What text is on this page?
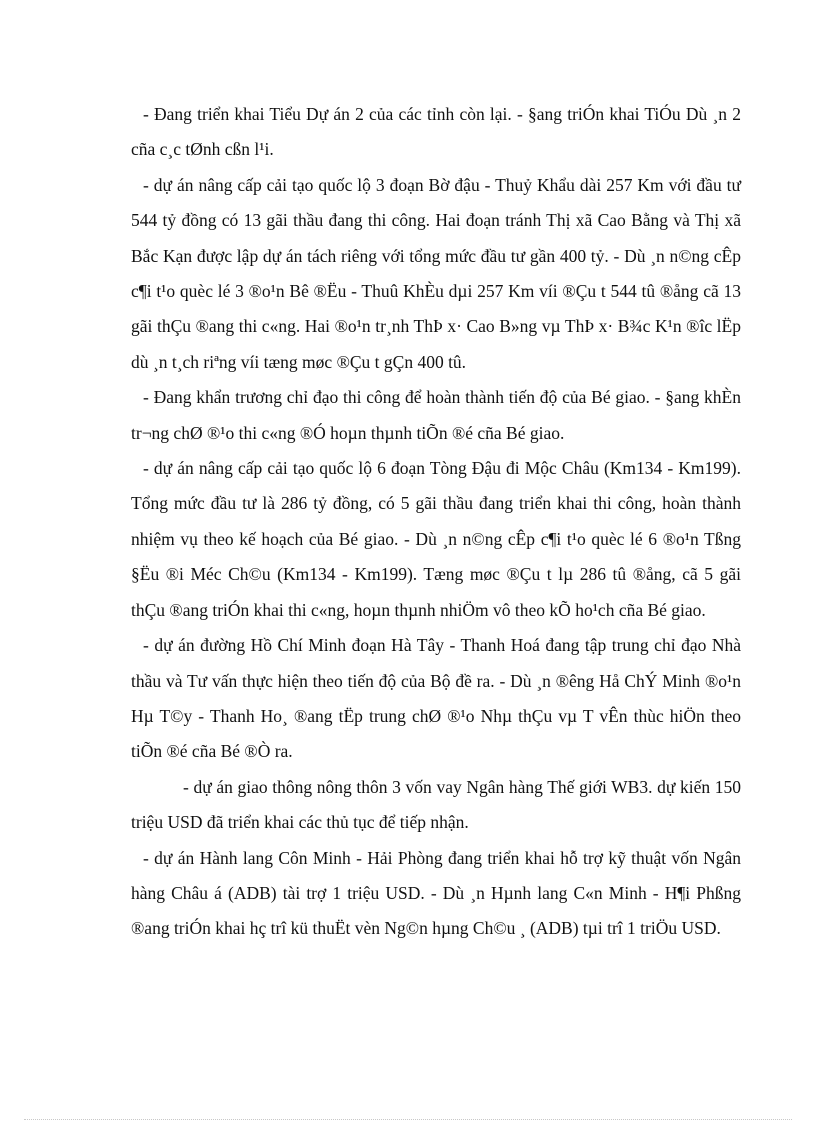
- Đang triển khai Tiểu Dự án 2 của các tỉnh còn lại. - §ang triÓn khai TiÓu Dù ¸n 2 cña c¸c tØnh cßn l¹i.

- dự án nâng cấp cải tạo quốc lộ 3 đoạn Bờ đậu - Thuỷ Khẩu dài 257 Km với đầu tư 544 tỷ đồng có 13 gãi thầu đang thi công. Hai đoạn tránh Thị xã Cao Bằng và Thị xã Bắc Kạn được lập dự án tách riêng với tổng mức đầu tư gần 400 tỷ. - Dù ¸n n©ng cÊp c¶i t¹o quèc lé 3 ®o¹n Bê ®Ëu - Thuû KhÈu dµi 257 Km víi ®Çu t 544 tû ®ång cã 13 gãi thÇu ®ang thi c«ng. Hai ®o¹n tr¸nh ThÞ x· Cao B»ng vµ ThÞ x· B¾c K¹n ®îc lËp dù ¸n t¸ch riªng víi tæng møc ®Çu t gÇn 400 tû.

- Đang khẩn trương chỉ đạo thi công để hoàn thành tiến độ của Bé giao. - §ang khÈn tr¬ng chØ ®¹o thi c«ng ®Ó hoµn thµnh tiÕn ®é cña Bé giao.

- dự án nâng cấp cải tạo quốc lộ 6 đoạn Tòng Đậu đi Mộc Châu (Km134 - Km199). Tổng mức đầu tư là 286 tỷ đồng, có 5 gãi thầu đang triển khai thi công, hoàn thành nhiệm vụ theo kế hoạch của Bé giao. - Dù ¸n n©ng cÊp c¶i t¹o quèc lé 6 ®o¹n Tßng §Ëu ®i Méc Ch©u (Km134 - Km199). Tæng møc ®Çu t lµ 286 tû ®ång, cã 5 gãi thÇu ®ang triÓn khai thi c«ng, hoµn thµnh nhiÖm vô theo kÕ ho¹ch cña Bé giao.

- dự án đường Hồ Chí Minh đoạn Hà Tây - Thanh Hoá đang tập trung chỉ đạo Nhà thầu và Tư vấn thực hiện theo tiến độ của Bộ đề ra. - Dù ¸n ®êng Hå ChÝ Minh ®o¹n Hµ T©y - Thanh Ho¸ ®ang tËp trung chØ ®¹o Nhµ thÇu vµ T vÊn thùc hiÖn theo tiÕn ®é cña Bé ®Ò ra.

- dự án giao thông nông thôn 3 vốn vay Ngân hàng Thế giới WB3. dự kiến 150 triệu USD đã triển khai các thủ tục để tiếp nhận.

- dự án Hành lang Côn Minh - Hải Phòng đang triển khai hỗ trợ kỹ thuật vốn Ngân hàng Châu á (ADB) tài trợ 1 triệu USD. - Dù ¸n Hµnh lang C«n Minh - H¶i Phßng ®ang triÓn khai hç trî kü thuËt vèn Ng©n hµng Ch©u ¸ (ADB) tµi trî 1 triÖu USD.
